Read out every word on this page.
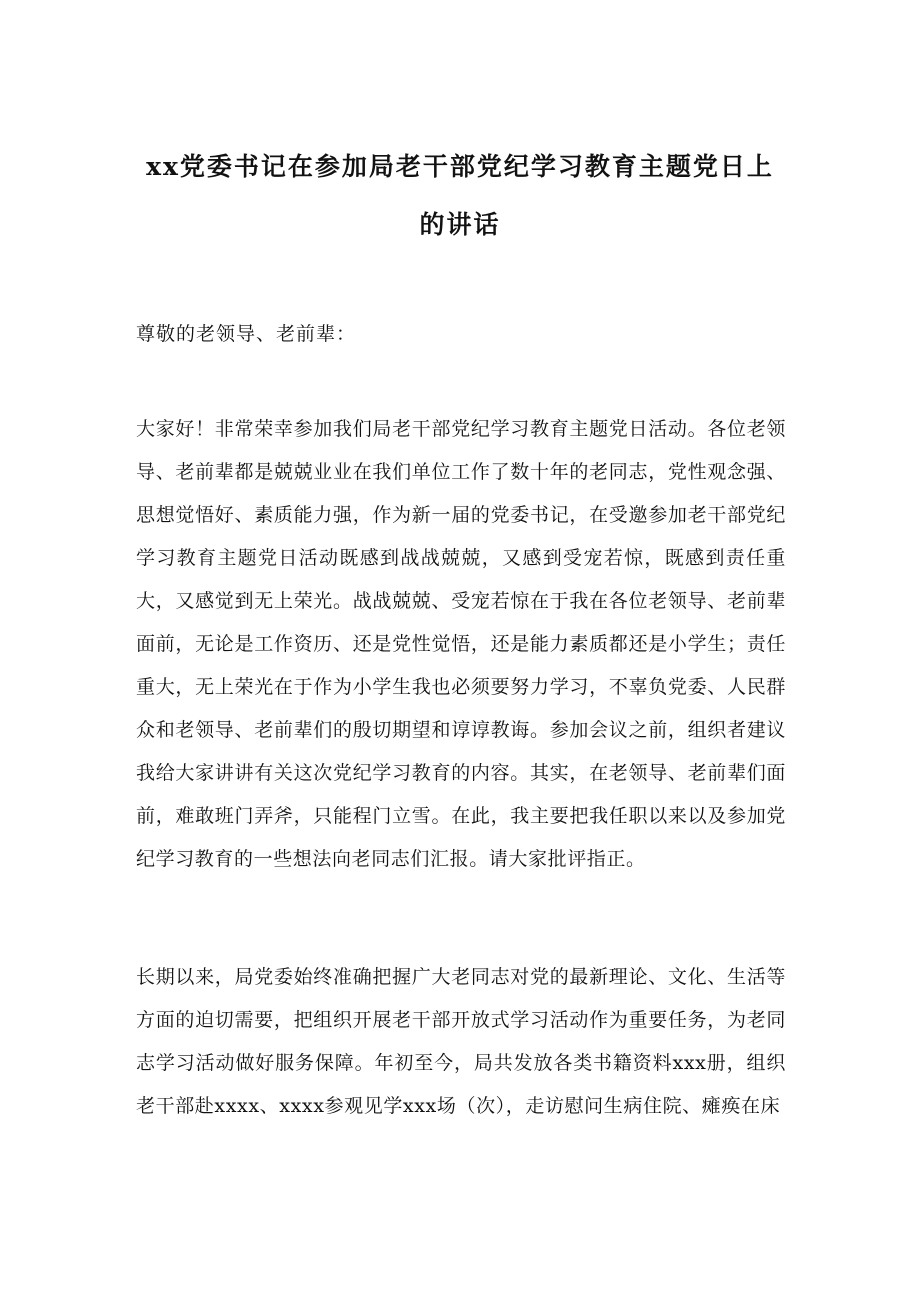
xx党委书记在参加局老干部党纪学习教育主题党日上的讲话

尊敬的老领导、老前辈：

大家好！非常荣幸参加我们局老干部党纪学习教育主题党日活动。各位老领导、老前辈都是兢兢业业在我们单位工作了数十年的老同志，党性观念强、思想觉悟好、素质能力强，作为新一届的党委书记，在受邀参加老干部党纪学习教育主题党日活动既感到战战兢兢，又感到受宠若惊，既感到责任重大，又感觉到无上荣光。战战兢兢、受宠若惊在于我在各位老领导、老前辈面前，无论是工作资历、还是党性觉悟，还是能力素质都还是小学生；责任重大，无上荣光在于作为小学生我也必须要努力学习，不辜负党委、人民群众和老领导、老前辈们的殷切期望和谆谆教诲。参加会议之前，组织者建议我给大家讲讲有关这次党纪学习教育的内容。其实，在老领导、老前辈们面前，难敢班门弄斧，只能程门立雪。在此，我主要把我任职以来以及参加党纪学习教育的一些想法向老同志们汇报。请大家批评指正。

长期以来，局党委始终准确把握广大老同志对党的最新理论、文化、生活等方面的迫切需要，把组织开展老干部开放式学习活动作为重要任务，为老同志学习活动做好服务保障。年初至今，局共发放各类书籍资料xxx册，组织老干部赴xxxx、xxxx参观见学xxx场（次），走访慰问生病住院、瘫痪在床
